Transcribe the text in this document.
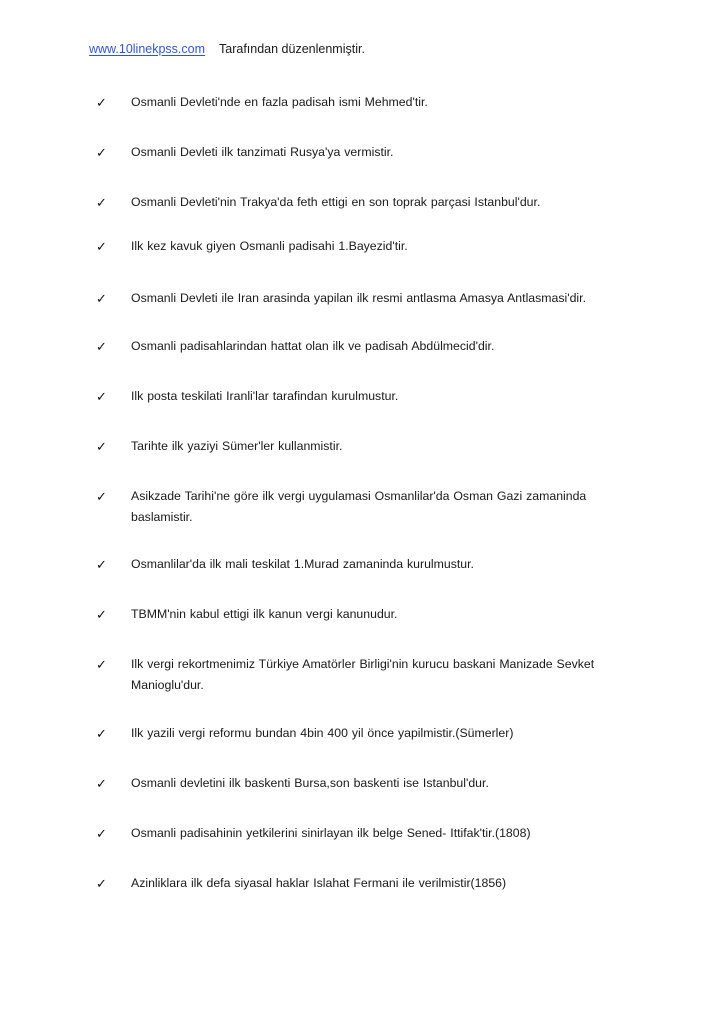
www.10linekpss.com Tarafından düzenlenmiştir.
✓	Osmanli Devleti'nde en fazla padisah ismi Mehmed'tir.
✓	Osmanli Devleti ilk tanzimati Rusya'ya vermistir.
✓	Osmanli Devleti'nin Trakya'da feth ettigi en son toprak parçasi Istanbul'dur.
✓	Ilk kez kavuk giyen Osmanli padisahi 1.Bayezid'tir.
✓	Osmanli Devleti ile Iran arasinda yapilan ilk resmi antlasma Amasya Antlasmasi'dir.
✓	Osmanli padisahlarindan hattat olan ilk ve padisah Abdülmecid'dir.
✓	Ilk posta teskilati Iranli'lar tarafindan kurulmustur.
✓	Tarihte ilk yaziyi Sümer'ler kullanmistir.
✓	Asikzade Tarihi'ne göre ilk vergi uygulamasi Osmanlilar'da Osman Gazi zamaninda baslamistir.
✓	Osmanlilar'da ilk mali teskilat 1.Murad zamaninda kurulmustur.
✓	TBMM'nin kabul ettigi ilk kanun vergi kanunudur.
✓	Ilk vergi rekortmenimiz Türkiye Amatörler Birligi'nin kurucu baskani Manizade Sevket Manioglu'dur.
✓	Ilk yazili vergi reformu bundan 4bin 400 yil önce yapilmistir.(Sümerler)
✓	Osmanli devletini ilk baskenti Bursa,son baskenti ise Istanbul'dur.
✓	Osmanli padisahinin yetkilerini sinirlayan ilk belge Sened- Ittifak'tir.(1808)
✓	Azinliklara ilk defa siyasal haklar Islahat Fermani ile verilmistir(1856)
